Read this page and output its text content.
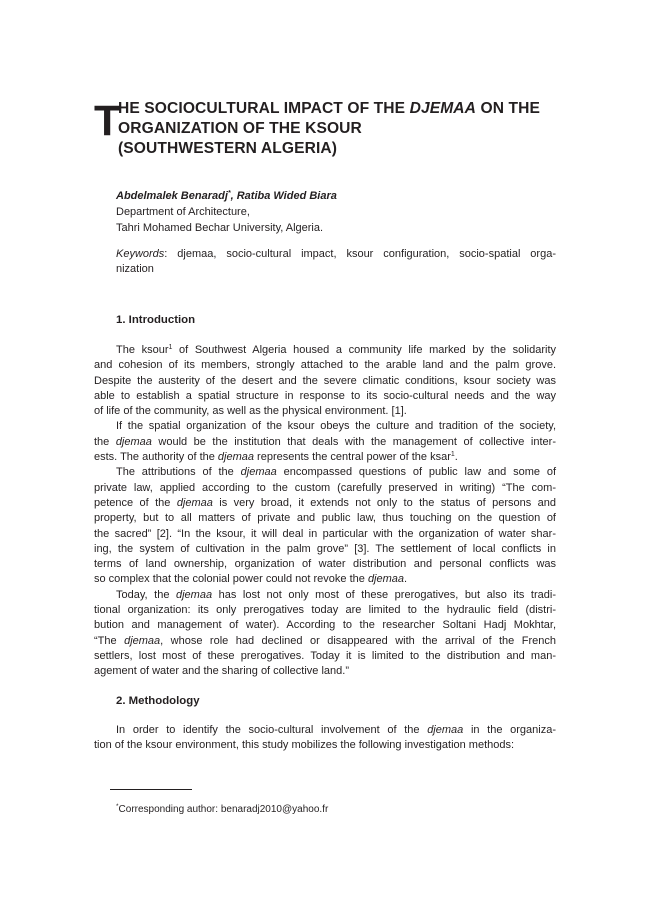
T
HE SOCIOCULTURAL IMPACT OF THE DJEMAA ON THE
ORGANIZATION OF THE KSOUR
(SOUTHWESTERN ALGERIA)
Abdelmalek Benaradj*, Ratiba Wided Biara
Department of Architecture,
Tahri Mohamed Bechar University, Algeria.
Keywords: djemaa, socio-cultural impact, ksour configuration, socio-spatial orga-
nization
1. Introduction
The ksour$^1$ of Southwest Algeria housed a community life marked by the solidarity
and cohesion of its members, strongly attached to the arable land and the palm grove.
Despite the austerity of the desert and the severe climatic conditions, ksour society was
able to establish a spatial structure in response to its socio-cultural needs and the way
of life of the community, as well as the physical environment. [1].
If the spatial organization of the ksour obeys the culture and tradition of the society,
the djemaa would be the institution that deals with the management of collective inter-
ests. The authority of the djemaa represents the central power of the ksar$^1$.
The attributions of the djemaa encompassed questions of public law and some of
private law, applied according to the custom (carefully preserved in writing) “The com-
petence of the djemaa is very broad, it extends not only to the status of persons and
property, but to all matters of private and public law, thus touching on the question of
the sacred” [2]. “In the ksour, it will deal in particular with the organization of water shar-
ing, the system of cultivation in the palm grove” [3]. The settlement of local conflicts in
terms of land ownership, organization of water distribution and personal conflicts was
so complex that the colonial power could not revoke the djemaa.
Today, the djemaa has lost not only most of these prerogatives, but also its tradi-
tional organization: its only prerogatives today are limited to the hydraulic field (distri-
bution and management of water). According to the researcher Soltani Hadj Mokhtar,
“The djemaa, whose role had declined or disappeared with the arrival of the French
settlers, lost most of these prerogatives. Today it is limited to the distribution and man-
agement of water and the sharing of collective land.”
2. Methodology
In order to identify the socio-cultural involvement of the djemaa in the organiza-
tion of the ksour environment, this study mobilizes the following investigation methods:
*Corresponding author: benaradj2010@yahoo.fr
